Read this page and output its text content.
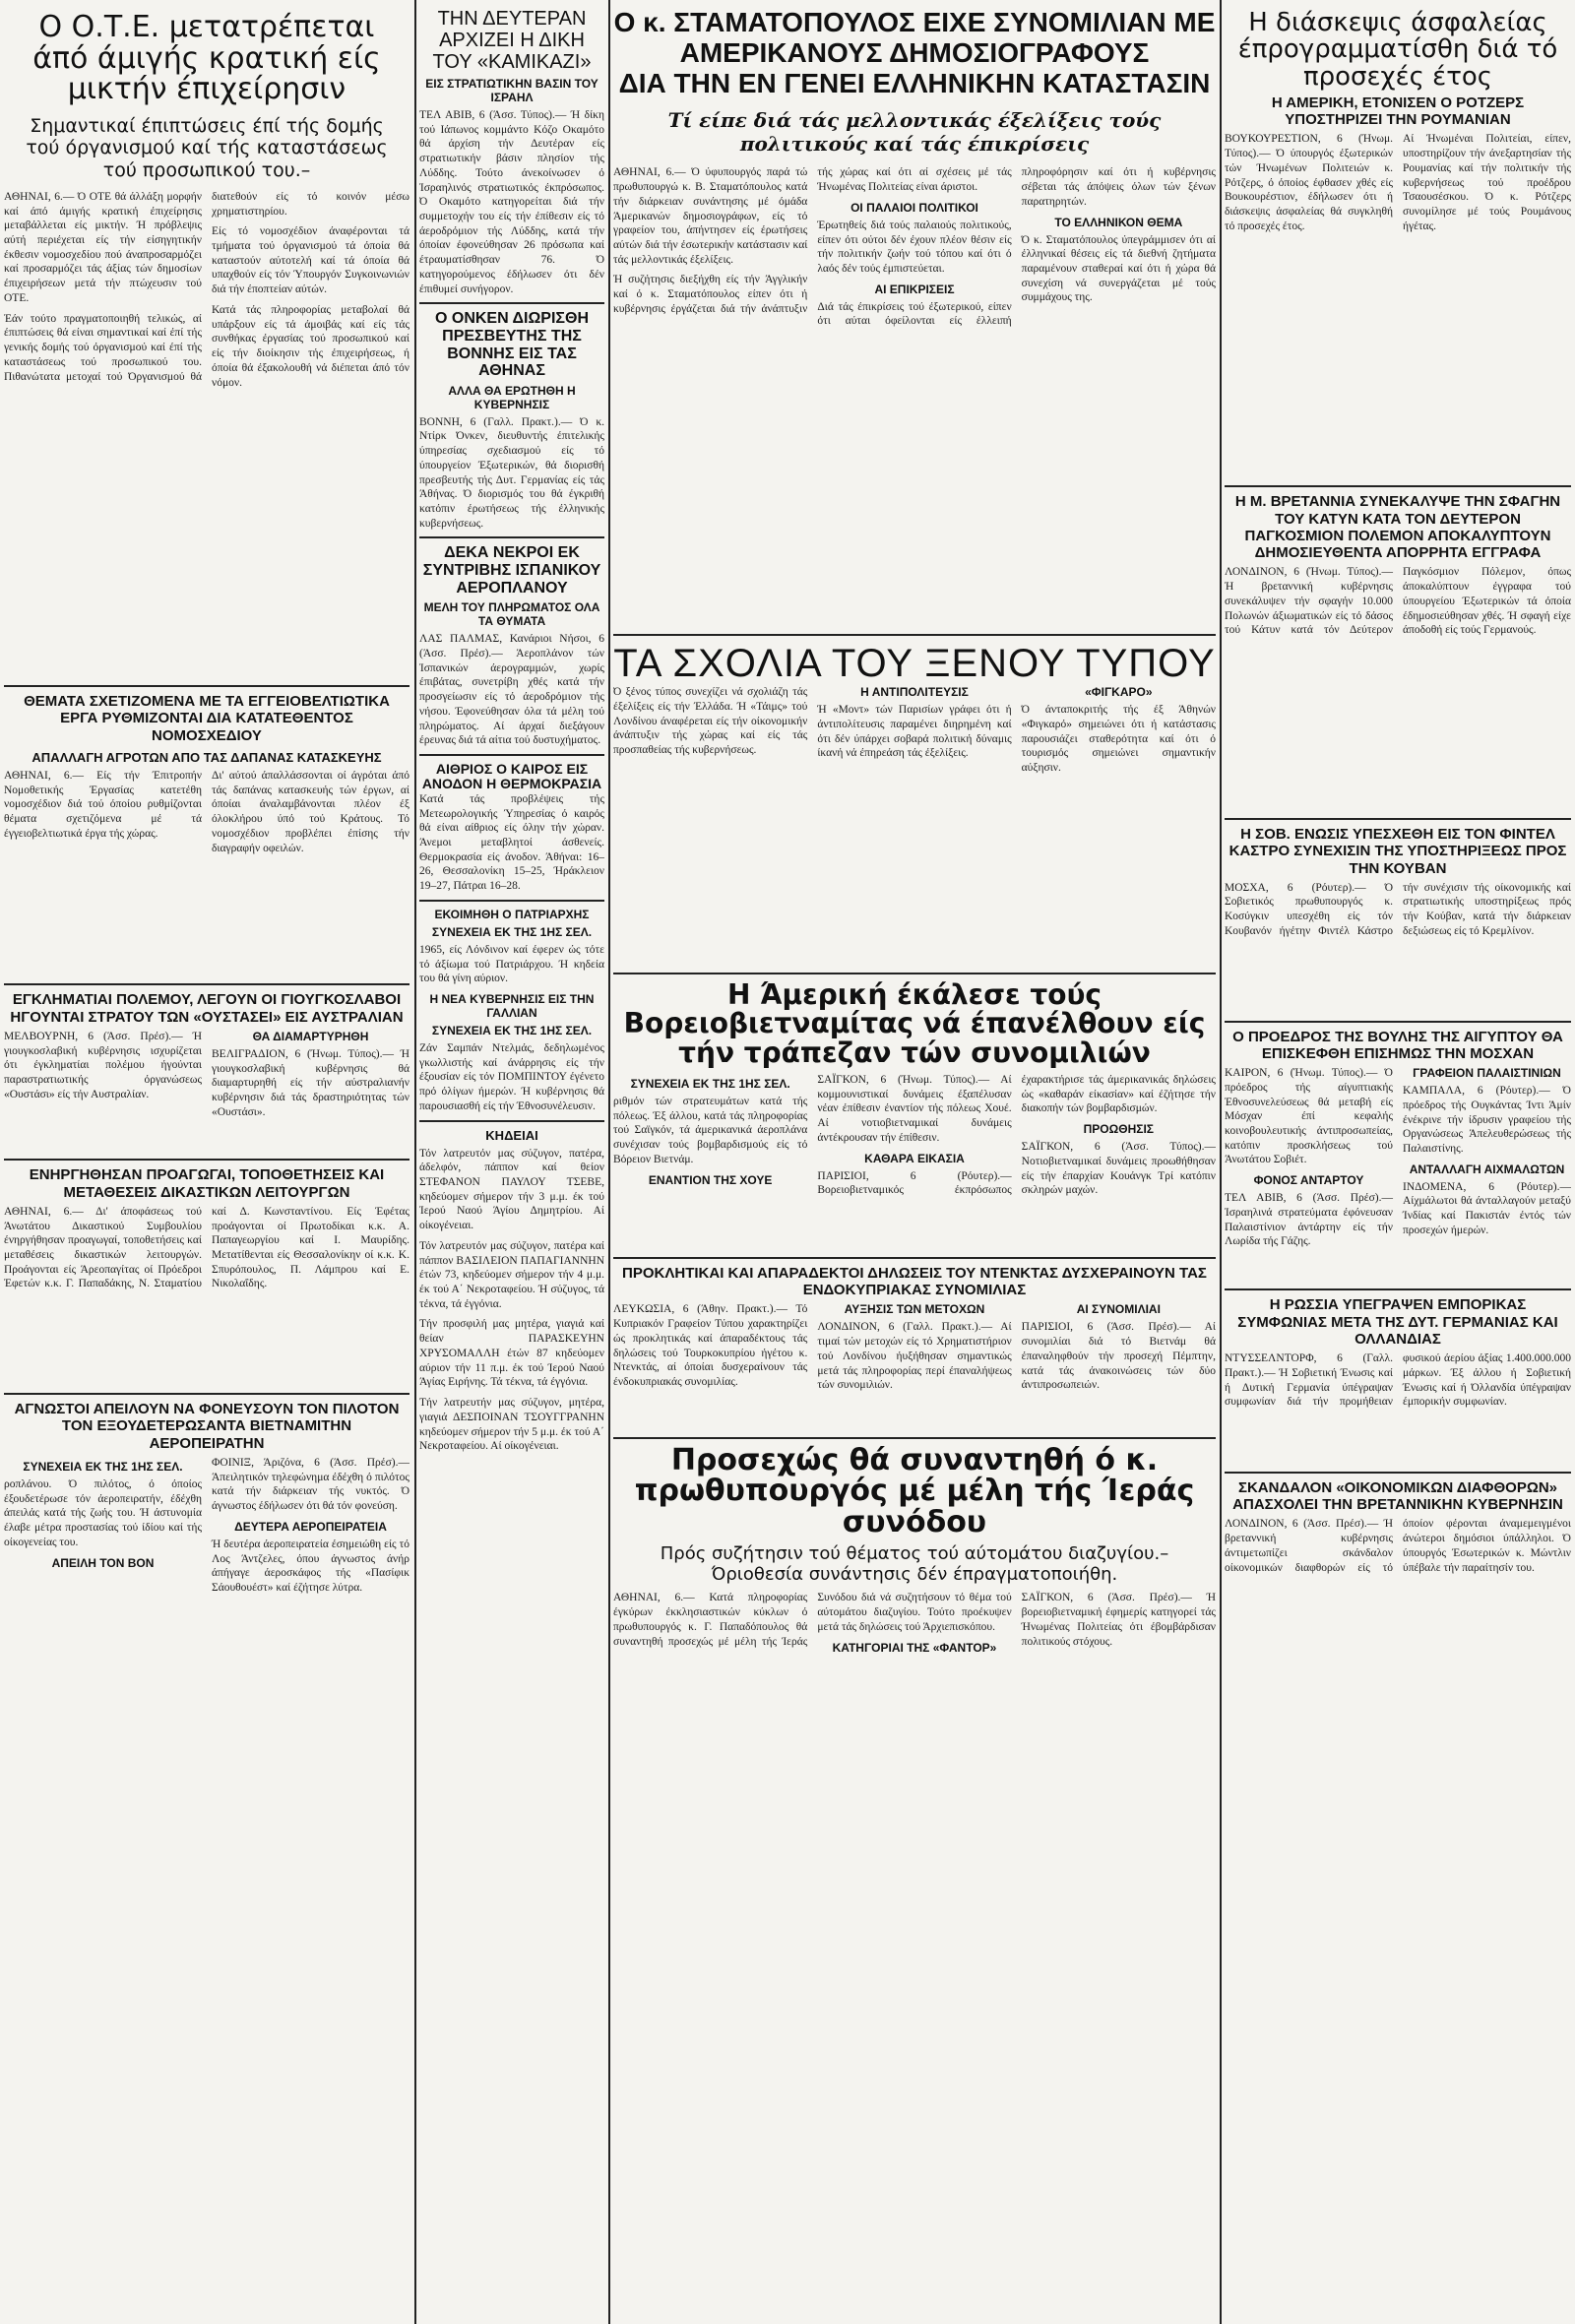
Ο Ο.Τ.Ε. μετατρέπεται άπό άμιγής κρατική είς μικτήν έπιχείρησιν
Σημαντικαί έπιπτώσεις έπί τής δομής τού όργανισμού καί τής καταστάσεως τού προσωπικού του.–

ΑΘΗΝΑΙ, 6.— Ό ΟΤΕ θά άλλάξη μορφήν καί άπό άμιγής κρατική έπιχείρησις μεταβάλλεται είς μικτήν. Ή πρόβλεψις αύτή περιέχεται είς τήν είσηγητικήν έκθεσιν νομοσχεδίου πού άναπροσαρμόζει καί προσαρμόζει τάς άξίας τών δημοσίων έπιχειρήσεων μετά τήν πτώχευσιν τού ΟΤΕ.

Έάν τούτο πραγματοποιηθή τελικώς, αί έπιπτώσεις θά είναι σημαντικαί καί έπί τής γενικής δομής τού όργανισμού καί έπί τής καταστάσεως τού προσωπικού του. Πιθανώτατα μετοχαί τού Όργανισμού θά διατεθούν είς τό κοινόν μέσω χρηματιστηρίου.

Είς τό νομοσχέδιον άναφέρονται τά τμήματα τού όργανισμού τά όποία θά καταστούν αύτοτελή καί τά όποία θά υπαχθούν είς τόν Ύπουργόν Συγκοινωνιών διά τήν έποπτείαν αύτών.

Κατά τάς πληροφορίας μεταβολαί θά υπάρξουν είς τά άμοιβάς καί είς τάς συνθήκας έργασίας τού προσωπικού καί είς τήν διοίκησιν τής έπιχειρήσεως, ή όποία θά έξακολουθή νά διέπεται άπό τόν νόμον.

ΘΕΜΑΤΑ ΣΧΕΤΙΖΟΜΕΝΑ ΜΕ ΤΑ ΕΓΓΕΙΟΒΕΛΤΙΩΤΙΚΑ ΕΡΓΑ ΡΥΘΜΙΖΟΝΤΑΙ ΔΙΑ ΚΑΤΑΤΕΘΕΝΤΟΣ ΝΟΜΟΣΧΕΔΙΟΥ
ΑΠΑΛΛΑΓΗ ΑΓΡΟΤΩΝ ΑΠΟ ΤΑΣ ΔΑΠΑΝΑΣ ΚΑΤΑΣΚΕΥΗΣ

ΑΘΗΝΑΙ, 6.— Είς τήν Έπιτροπήν Νομοθετικής Έργασίας κατετέθη νομοσχέδιον διά τού όποίου ρυθμίζονται θέματα σχετιζόμενα μέ τά έγγειοβελτιωτικά έργα τής χώρας.

Δι' αύτού άπαλλάσσονται οί άγρόται άπό τάς δαπάνας κατασκευής τών έργων, αί όποίαι άναλαμβάνονται πλέον έξ όλοκλήρου ύπό τού Κράτους. Τό νομοσχέδιον προβλέπει έπίσης τήν διαγραφήν οφειλών.

ΕΓΚΛΗΜΑΤΙΑΙ ΠΟΛΕΜΟΥ, ΛΕΓΟΥΝ ΟΙ ΓΙΟΥΓΚΟΣΛΑΒΟΙ ΗΓΟΥΝΤΑΙ ΣΤΡΑΤΟΥ ΤΩΝ «ΟΥΣΤΑΣΕΙ» ΕΙΣ ΑΥΣΤΡΑΛΙΑΝ

ΜΕΛΒΟΥΡΝΗ, 6 (Άσσ. Πρέσ).— Ή γιουγκοσλαβική κυβέρνησις ισχυρίζεται ότι έγκληματίαι πολέμου ήγούνται παραστρατιωτικής όργανώσεως «Ουστάσι» είς τήν Αυστραλίαν.

ΘΑ ΔΙΑΜΑΡΤΥΡΗΘΗ

ΒΕΛΙΓΡΑΔΙΟΝ, 6 (Ήνωμ. Τύπος).— Ή γιουγκοσλαβική κυβέρνησις θά διαμαρτυρηθή είς τήν αύστραλιανήν κυβέρνησιν διά τάς δραστηριότητας τών «Ουστάσι».

ΕΝΗΡΓΗΘΗΣΑΝ ΠΡΟΑΓΩΓΑΙ, ΤΟΠΟΘΕΤΗΣΕΙΣ ΚΑΙ ΜΕΤΑΘΕΣΕΙΣ ΔΙΚΑΣΤΙΚΩΝ ΛΕΙΤΟΥΡΓΩΝ

ΑΘΗΝΑΙ, 6.— Δι' άποφάσεως τού Άνωτάτου Δικαστικού Συμβουλίου ένηργήθησαν προαγωγαί, τοποθετήσεις καί μεταθέσεις δικαστικών λειτουργών. Προάγονται είς Άρεοπαγίτας οί Πρόεδροι Έφετών κ.κ. Γ. Παπαδάκης, Ν. Σταματίου καί Δ. Κωνσταντίνου. Είς Έφέτας προάγονται οί Πρωτοδίκαι κ.κ. Α. Παπαγεωργίου καί Ι. Μαυρίδης. Μετατίθενται είς Θεσσαλονίκην οί κ.κ. Κ. Σπυρόπουλος, Π. Λάμπρου καί Ε. Νικολαΐδης.

ΑΓΝΩΣΤΟΙ ΑΠΕΙΛΟΥΝ ΝΑ ΦΟΝΕΥΣΟΥΝ ΤΟΝ ΠΙΛΟΤΟΝ ΤΟΝ ΕΞΟΥΔΕΤΕΡΩΣΑΝΤΑ ΒΙΕΤΝΑΜΙΤΗΝ ΑΕΡΟΠΕΙΡΑΤΗΝ
ΣΥΝΕΧΕΙΑ ΕΚ ΤΗΣ 1ΗΣ ΣΕΛ.

ροπλάνου. Ό πιλότος, ό όποίος έξουδετέρωσε τόν άεροπειρατήν, έδέχθη άπειλάς κατά τής ζωής του. Ή άστυνομία έλαβε μέτρα προστασίας τού ίδίου καί τής οίκογενείας του.

ΑΠΕΙΛΗ ΤΟΝ ΒΟΝ

ΦΟΙΝΙΞ, Άριζόνα, 6 (Άσσ. Πρέσ).— Άπειλητικόν τηλεφώνημα έδέχθη ό πιλότος κατά τήν διάρκειαν τής νυκτός. Ό άγνωστος έδήλωσεν ότι θά τόν φονεύση.

ΔΕΥΤΕΡΑ ΑΕΡΟΠΕΙΡΑΤΕΙΑ

Ή δευτέρα άεροπειρατεία έσημειώθη είς τό Λος Άντζελες, όπου άγνωστος άνήρ άπήγαγε άεροσκάφος τής «Πασίφικ Σάουθουέστ» καί έζήτησε λύτρα.

ΤΗΝ ΔΕΥΤΕΡΑΝ ΑΡΧΙΖΕΙ Η ΔΙΚΗ ΤΟΥ «ΚΑΜΙΚΑΖΙ»
ΕΙΣ ΣΤΡΑΤΙΩΤΙΚΗΝ ΒΑΣΙΝ ΤΟΥ ΙΣΡΑΗΛ

ΤΕΛ ΑΒΙΒ, 6 (Άσσ. Τύπος).— Ή δίκη τού Ιάπωνος κομμάντο Κόζο Οκαμότο θά άρχίση τήν Δευτέραν είς στρατιωτικήν βάσιν πλησίον τής Λύδδης. Τούτο άνεκοίνωσεν ό Ίσραηλινός στρατιωτικός έκπρόσωπος. Ό Οκαμότο κατηγορείται διά τήν συμμετοχήν του είς τήν έπίθεσιν είς τό άεροδρόμιον τής Λύδδης, κατά τήν όποίαν έφονεύθησαν 26 πρόσωπα καί έτραυματίσθησαν 76. Ό κατηγορούμενος έδήλωσεν ότι δέν έπιθυμεί συνήγορον.

Ο ΟΝΚΕΝ ΔΙΩΡΙΣΘΗ ΠΡΕΣΒΕΥΤΗΣ ΤΗΣ ΒΟΝΝΗΣ ΕΙΣ ΤΑΣ ΑΘΗΝΑΣ
ΑΛΛΑ ΘΑ ΕΡΩΤΗΘΗ Η ΚΥΒΕΡΝΗΣΙΣ

ΒΟΝΝΗ, 6 (Γαλλ. Πρακτ.).— Ό κ. Ντίρκ Όνκεν, διευθυντής έπιτελικής ύπηρεσίας σχεδιασμού είς τό ύπουργείον Έξωτερικών, θά διορισθή πρεσβευτής τής Δυτ. Γερμανίας είς τάς Άθήνας. Ό διορισμός του θά έγκριθή κατόπιν έρωτήσεως τής έλληνικής κυβερνήσεως.

ΔΕΚΑ ΝΕΚΡΟΙ ΕΚ ΣΥΝΤΡΙΒΗΣ ΙΣΠΑΝΙΚΟΥ ΑΕΡΟΠΛΑΝΟΥ
ΜΕΛΗ ΤΟΥ ΠΛΗΡΩΜΑΤΟΣ ΟΛΑ ΤΑ ΘΥΜΑΤΑ

ΛΑΣ ΠΑΛΜΑΣ, Κανάριοι Νήσοι, 6 (Άσσ. Πρέσ).— Άεροπλάνον τών Ίσπανικών άερογραμμών, χωρίς έπιβάτας, συνετρίβη χθές κατά τήν προσγείωσιν είς τό άεροδρόμιον τής νήσου. Έφονεύθησαν όλα τά μέλη τού πληρώματος. Αί άρχαί διεξάγουν έρευνας διά τά αίτια τού δυστυχήματος.

ΑΙΘΡΙΟΣ Ο ΚΑΙΡΟΣ ΕΙΣ ΑΝΟΔΟΝ Η ΘΕΡΜΟΚΡΑΣΙΑ

Κατά τάς προβλέψεις τής Μετεωρολογικής Ύπηρεσίας ό καιρός θά είναι αίθριος είς όλην τήν χώραν. Άνεμοι μεταβλητοί άσθενείς. Θερμοκρασία είς άνοδον. Άθήναι: 16–26, Θεσσαλονίκη 15–25, Ήράκλειον 19–27, Πάτραι 16–28.

ΕΚΟΙΜΗΘΗ Ο ΠΑΤΡΙΑΡΧΗΣ
ΣΥΝΕΧΕΙΑ ΕΚ ΤΗΣ 1ΗΣ ΣΕΛ.

1965, είς Λόνδινον καί έφερεν ώς τότε τό άξίωμα τού Πατριάρχου. Ή κηδεία του θά γίνη αύριον.

Η ΝΕΑ ΚΥΒΕΡΝΗΣΙΣ ΕΙΣ ΤΗΝ ΓΑΛΛΙΑΝ
ΣΥΝΕΧΕΙΑ ΕΚ ΤΗΣ 1ΗΣ ΣΕΛ.

Ζάν Σαμπάν Ντελμάς, δεδηλωμένος γκωλλιστής καί άνάρρησις είς τήν έξουσίαν είς τόν ΠΟΜΠΙΝΤΟΥ έγένετο πρό όλίγων ήμερών. Ή κυβέρνησις θά παρουσιασθή είς τήν Έθνοσυνέλευσιν.

ΚΗΔΕΙΑΙ

Τόν λατρευτόν μας σύζυγον, πατέρα, άδελφόν, πάππον καί θείον ΣΤΕΦΑΝΟΝ ΠΑΥΛΟΥ ΤΣΕΒΕ, κηδεύομεν σήμερον τήν 3 μ.μ. έκ τού Ίερού Ναού Άγίου Δημητρίου. Αί οίκογένειαι.

Τόν λατρευτόν μας σύζυγον, πατέρα καί πάππον ΒΑΣΙΛΕΙΟΝ ΠΑΠΑΓΙΑΝΝΗΝ έτών 73, κηδεύομεν σήμερον τήν 4 μ.μ. έκ τού Α΄ Νεκροταφείου. Ή σύζυγος, τά τέκνα, τά έγγόνια.

Τήν προσφιλή μας μητέρα, γιαγιά καί θείαν ΠΑΡΑΣΚΕΥΗΝ ΧΡΥΣΟΜΑΛΛΗ έτών 87 κηδεύομεν αύριον τήν 11 π.μ. έκ τού Ίερού Ναού Άγίας Ειρήνης. Τά τέκνα, τά έγγόνια.

Τήν λατρευτήν μας σύζυγον, μητέρα, γιαγιά ΔΕΣΠΟΙΝΑΝ ΤΣΟΥΓΓΡΑΝΗΝ κηδεύομεν σήμερον τήν 5 μ.μ. έκ τού Α΄ Νεκροταφείου. Αί οίκογένειαι.

Ο κ. ΣΤΑΜΑΤΟΠΟΥΛΟΣ ΕΙΧΕ ΣΥΝΟΜΙΛΙΑΝ ΜΕ ΑΜΕΡΙΚΑΝΟΥΣ ΔΗΜΟΣΙΟΓΡΑΦΟΥΣ
ΔΙΑ ΤΗΝ ΕΝ ΓΕΝΕΙ ΕΛΛΗΝΙΚΗΝ ΚΑΤΑΣΤΑΣΙΝ
Τί είπε διά τάς μελλοντικάς έξελίξεις τούς πολιτικούς καί τάς έπικρίσεις

ΑΘΗΝΑΙ, 6.— Ό ύφυπουργός παρά τώ πρωθυπουργώ κ. Β. Σταματόπουλος κατά τήν διάρκειαν συνάντησης μέ όμάδα Άμερικανών δημοσιογράφων, είς τό γραφείον του, άπήντησεν είς έρωτήσεις αύτών διά τήν έσωτερικήν κατάστασιν καί τάς μελλοντικάς έξελίξεις.

Ή συζήτησις διεξήχθη είς τήν Άγγλικήν καί ό κ. Σταματόπουλος είπεν ότι ή κυβέρνησις έργάζεται διά τήν άνάπτυξιν τής χώρας καί ότι αί σχέσεις μέ τάς Ήνωμένας Πολιτείας είναι άριστοι.

ΟΙ ΠΑΛΑΙΟΙ ΠΟΛΙΤΙΚΟΙ

Έρωτηθείς διά τούς παλαιούς πολιτικούς, είπεν ότι ούτοι δέν έχουν πλέον θέσιν είς τήν πολιτικήν ζωήν τού τόπου καί ότι ό λαός δέν τούς έμπιστεύεται.

ΑΙ ΕΠΙΚΡΙΣΕΙΣ

Διά τάς έπικρίσεις τού έξωτερικού, είπεν ότι αύται όφείλονται είς έλλειπή πληροφόρησιν καί ότι ή κυβέρνησις σέβεται τάς άπόψεις όλων τών ξένων παρατηρητών.

ΤΟ ΕΛΛΗΝΙΚΟΝ ΘΕΜΑ

Ό κ. Σταματόπουλος ύπεγράμμισεν ότι αί έλληνικαί θέσεις είς τά διεθνή ζητήματα παραμένουν σταθεραί καί ότι ή χώρα θά συνεχίση νά συνεργάζεται μέ τούς συμμάχους της.

ΤΑ ΣΧΟΛΙΑ ΤΟΥ ΞΕΝΟΥ ΤΥΠΟΥ

Ό ξένος τύπος συνεχίζει νά σχολιάζη τάς έξελίξεις είς τήν Έλλάδα. Ή «Τάιμς» τού Λονδίνου άναφέρεται είς τήν οίκονομικήν άνάπτυξιν τής χώρας καί είς τάς προσπαθείας τής κυβερνήσεως.

Η ΑΝΤΙΠΟΛΙΤΕΥΣΙΣ

Ή «Μοντ» τών Παρισίων γράφει ότι ή άντιπολίτευσις παραμένει διηρημένη καί ότι δέν ύπάρχει σοβαρά πολιτική δύναμις ίκανή νά έπηρεάση τάς έξελίξεις.

«ΦΙΓΚΑΡΟ»

Ό άνταποκριτής τής έξ Άθηνών «Φιγκαρό» σημειώνει ότι ή κατάστασις παρουσιάζει σταθερότητα καί ότι ό τουρισμός σημειώνει σημαντικήν αύξησιν.

Η Άμερική έκάλεσε τούς Βορειοβιετναμίτας νά έπανέλθουν είς τήν τράπεζαν τών συνομιλιών
ΣΥΝΕΧΕΙΑ ΕΚ ΤΗΣ 1ΗΣ ΣΕΛ.

ριθμόν τών στρατευμάτων κατά τής πόλεως. Έξ άλλου, κατά τάς πληροφορίας τού Σαϊγκόν, τά άμερικανικά άεροπλάνα συνέχισαν τούς βομβαρδισμούς είς τό Βόρειον Βιετνάμ.

ΕΝΑΝΤΙΟΝ ΤΗΣ ΧΟΥΕ

ΣΑΪΓΚΟΝ, 6 (Ήνωμ. Τύπος).— Αί κομμουνιστικαί δυνάμεις έξαπέλυσαν νέαν έπίθεσιν έναντίον τής πόλεως Χουέ. Αί νοτιοβιετναμικαί δυνάμεις άντέκρουσαν τήν έπίθεσιν.

ΚΑΘΑΡΑ ΕΙΚΑΣΙΑ

ΠΑΡΙΣΙΟΙ, 6 (Ρόυτερ).— Βορειοβιετναμικός έκπρόσωπος έχαρακτήρισε τάς άμερικανικάς δηλώσεις ώς «καθαράν είκασίαν» καί έζήτησε τήν διακοπήν τών βομβαρδισμών.

ΠΡΟΩΘΗΣΙΣ

ΣΑΪΓΚΟΝ, 6 (Άσσ. Τύπος).— Νοτιοβιετναμικαί δυνάμεις προωθήθησαν είς τήν έπαρχίαν Κουάνγκ Τρί κατόπιν σκληρών μαχών.

ΠΡΟΚΛΗΤΙΚΑΙ ΚΑΙ ΑΠΑΡΑΔΕΚΤΟΙ ΔΗΛΩΣΕΙΣ ΤΟΥ ΝΤΕΝΚΤΑΣ ΔΥΣΧΕΡΑΙΝΟΥΝ ΤΑΣ ΕΝΔΟΚΥΠΡΙΑΚΑΣ ΣΥΝΟΜΙΛΙΑΣ

ΛΕΥΚΩΣΙΑ, 6 (Άθην. Πρακτ.).— Τό Κυπριακόν Γραφείον Τύπου χαρακτηρίζει ώς προκλητικάς καί άπαραδέκτους τάς δηλώσεις τού Τουρκοκυπρίου ήγέτου κ. Ντενκτάς, αί όποίαι δυσχεραίνουν τάς ένδοκυπριακάς συνομιλίας.

ΑΥΞΗΣΙΣ ΤΩΝ ΜΕΤΟΧΩΝ

ΛΟΝΔΙΝΟΝ, 6 (Γαλλ. Πρακτ.).— Αί τιμαί τών μετοχών είς τό Χρηματιστήριον τού Λονδίνου ήυξήθησαν σημαντικώς μετά τάς πληροφορίας περί έπαναλήψεως τών συνομιλιών.

ΑΙ ΣΥΝΟΜΙΛΙΑΙ

ΠΑΡΙΣΙΟΙ, 6 (Άσσ. Πρέσ).— Αί συνομιλίαι διά τό Βιετνάμ θά έπαναληφθούν τήν προσεχή Πέμπτην, κατά τάς άνακοινώσεις τών δύο άντιπροσωπειών.

Προσεχώς θά συναντηθή ό κ. πρωθυπουργός μέ μέλη τής Ίεράς συνόδου
Πρός συζήτησιν τού θέματος τού αύτομάτου διαζυγίου.– Όριοθεσία συνάντησις δέν έπραγματοποιήθη.

ΑΘΗΝΑΙ, 6.— Κατά πληροφορίας έγκύρων έκκλησιαστικών κύκλων ό πρωθυπουργός κ. Γ. Παπαδόπουλος θά συναντηθή προσεχώς μέ μέλη τής Ίεράς Συνόδου διά νά συζητήσουν τό θέμα τού αύτομάτου διαζυγίου. Τούτο προέκυψεν μετά τάς δηλώσεις τού Άρχιεπισκόπου.

ΚΑΤΗΓΟΡΙΑΙ ΤΗΣ «ΦΑΝΤΟΡ»

ΣΑΪΓΚΟΝ, 6 (Άσσ. Πρέσ).— Ή βορειοβιετναμική έφημερίς κατηγορεί τάς Ήνωμένας Πολιτείας ότι έβομβάρδισαν πολιτικούς στόχους.

Η διάσκεψις άσφαλείας έπρογραμματίσθη διά τό προσεχές έτος
Η ΑΜΕΡΙΚΗ, ΕΤΟΝΙΣΕΝ Ο ΡΟΤΖΕΡΣ ΥΠΟΣΤΗΡΙΖΕΙ ΤΗΝ ΡΟΥΜΑΝΙΑΝ

ΒΟΥΚΟΥΡΕΣΤΙΟΝ, 6 (Ήνωμ. Τύπος).— Ό ύπουργός έξωτερικών τών Ήνωμένων Πολιτειών κ. Ρότζερς, ό όποίος έφθασεν χθές είς Βουκουρέστιον, έδήλωσεν ότι ή διάσκεψις άσφαλείας θά συγκληθή τό προσεχές έτος.

Αί Ήνωμέναι Πολιτείαι, είπεν, υποστηρίζουν τήν άνεξαρτησίαν τής Ρουμανίας καί τήν πολιτικήν τής κυβερνήσεως τού προέδρου Τσαουσέσκου. Ό κ. Ρότζερς συνομίλησε μέ τούς Ρουμάνους ήγέτας.

Η Μ. ΒΡΕΤΑΝΝΙΑ ΣΥΝΕΚΑΛΥΨΕ ΤΗΝ ΣΦΑΓΗΝ ΤΟΥ ΚΑΤΥΝ ΚΑΤΑ ΤΟΝ ΔΕΥΤΕΡΟΝ ΠΑΓΚΟΣΜΙΟΝ ΠΟΛΕΜΟΝ ΑΠΟΚΑΛΥΠΤΟΥΝ ΔΗΜΟΣΙΕΥΘΕΝΤΑ ΑΠΟΡΡΗΤΑ ΕΓΓΡΑΦΑ

ΛΟΝΔΙΝΟΝ, 6 (Ήνωμ. Τύπος).— Ή βρεταννική κυβέρνησις συνεκάλυψεν τήν σφαγήν 10.000 Πολωνών άξιωματικών είς τό δάσος τού Κάτυν κατά τόν Δεύτερον Παγκόσμιον Πόλεμον, όπως άποκαλύπτουν έγγραφα τού ύπουργείου Έξωτερικών τά όποία έδημοσιεύθησαν χθές. Ή σφαγή είχε άποδοθή είς τούς Γερμανούς.

Η ΣΟΒ. ΕΝΩΣΙΣ ΥΠΕΣΧΕΘΗ ΕΙΣ ΤΟΝ ΦΙΝΤΕΛ ΚΑΣΤΡΟ ΣΥΝΕΧΙΣΙΝ ΤΗΣ ΥΠΟΣΤΗΡΙΞΕΩΣ ΠΡΟΣ ΤΗΝ ΚΟΥΒΑΝ

ΜΟΣΧΑ, 6 (Ρόυτερ).— Ό Σοβιετικός πρωθυπουργός κ. Κοσύγκιν υπεσχέθη είς τόν Κουβανόν ήγέτην Φιντέλ Κάστρο τήν συνέχισιν τής οίκονομικής καί στρατιωτικής υποστηρίξεως πρός τήν Κούβαν, κατά τήν διάρκειαν δεξιώσεως είς τό Κρεμλίνον.

Ο ΠΡΟΕΔΡΟΣ ΤΗΣ ΒΟΥΛΗΣ ΤΗΣ ΑΙΓΥΠΤΟΥ ΘΑ ΕΠΙΣΚΕΦΘΗ ΕΠΙΣΗΜΩΣ ΤΗΝ ΜΟΣΧΑΝ

ΚΑΙΡΟΝ, 6 (Ήνωμ. Τύπος).— Ό πρόεδρος τής αίγυπτιακής Έθνοσυνελεύσεως θά μεταβή είς Μόσχαν έπί κεφαλής κοινοβουλευτικής άντιπροσωπείας, κατόπιν προσκλήσεως τού Άνωτάτου Σοβιέτ.

ΦΟΝΟΣ ΑΝΤΑΡΤΟΥ

ΤΕΛ ΑΒΙΒ, 6 (Άσσ. Πρέσ).— Ίσραηλινά στρατεύματα έφόνευσαν Παλαιστίνιον άντάρτην είς τήν Λωρίδα τής Γάζης.

ΓΡΑΦΕΙΟΝ ΠΑΛΑΙΣΤΙΝΙΩΝ

ΚΑΜΠΑΛΑ, 6 (Ρόυτερ).— Ό πρόεδρος τής Ουγκάντας Ίντι Άμίν ένέκρινε τήν ίδρυσιν γραφείου τής Οργανώσεως Άπελευθερώσεως τής Παλαιστίνης.

ΑΝΤΑΛΛΑΓΗ ΑΙΧΜΑΛΩΤΩΝ

ΙΝΔΟΜΕΝΑ, 6 (Ρόυτερ).— Αίχμάλωτοι θά άνταλλαγούν μεταξύ Ίνδίας καί Πακιστάν έντός τών προσεχών ήμερών.

Η ΡΩΣΣΙΑ ΥΠΕΓΡΑΨΕΝ ΕΜΠΟΡΙΚΑΣ ΣΥΜΦΩΝΙΑΣ ΜΕΤΑ ΤΗΣ ΔΥΤ. ΓΕΡΜΑΝΙΑΣ ΚΑΙ ΟΛΛΑΝΔΙΑΣ

ΝΤΥΣΣΕΛΝΤΟΡΦ, 6 (Γαλλ. Πρακτ.).— Ή Σοβιετική Ένωσις καί ή Δυτική Γερμανία ύπέγραψαν συμφωνίαν διά τήν προμήθειαν φυσικού άερίου άξίας 1.400.000.000 μάρκων. Έξ άλλου ή Σοβιετική Ένωσις καί ή Όλλανδία ύπέγραψαν έμπορικήν συμφωνίαν.

ΣΚΑΝΔΑΛΟΝ «ΟΙΚΟΝΟΜΙΚΩΝ ΔΙΑΦΘΟΡΩΝ» ΑΠΑΣΧΟΛΕΙ ΤΗΝ ΒΡΕΤΑΝΝΙΚΗΝ ΚΥΒΕΡΝΗΣΙΝ

ΛΟΝΔΙΝΟΝ, 6 (Άσσ. Πρέσ).— Ή βρεταννική κυβέρνησις άντιμετωπίζει σκάνδαλον οίκονομικών διαφθορών είς τό όποίον φέρονται άναμεμειγμένοι άνώτεροι δημόσιοι ύπάλληλοι. Ό ύπουργός Έσωτερικών κ. Μώντλιν ύπέβαλε τήν παραίτησίν του.
